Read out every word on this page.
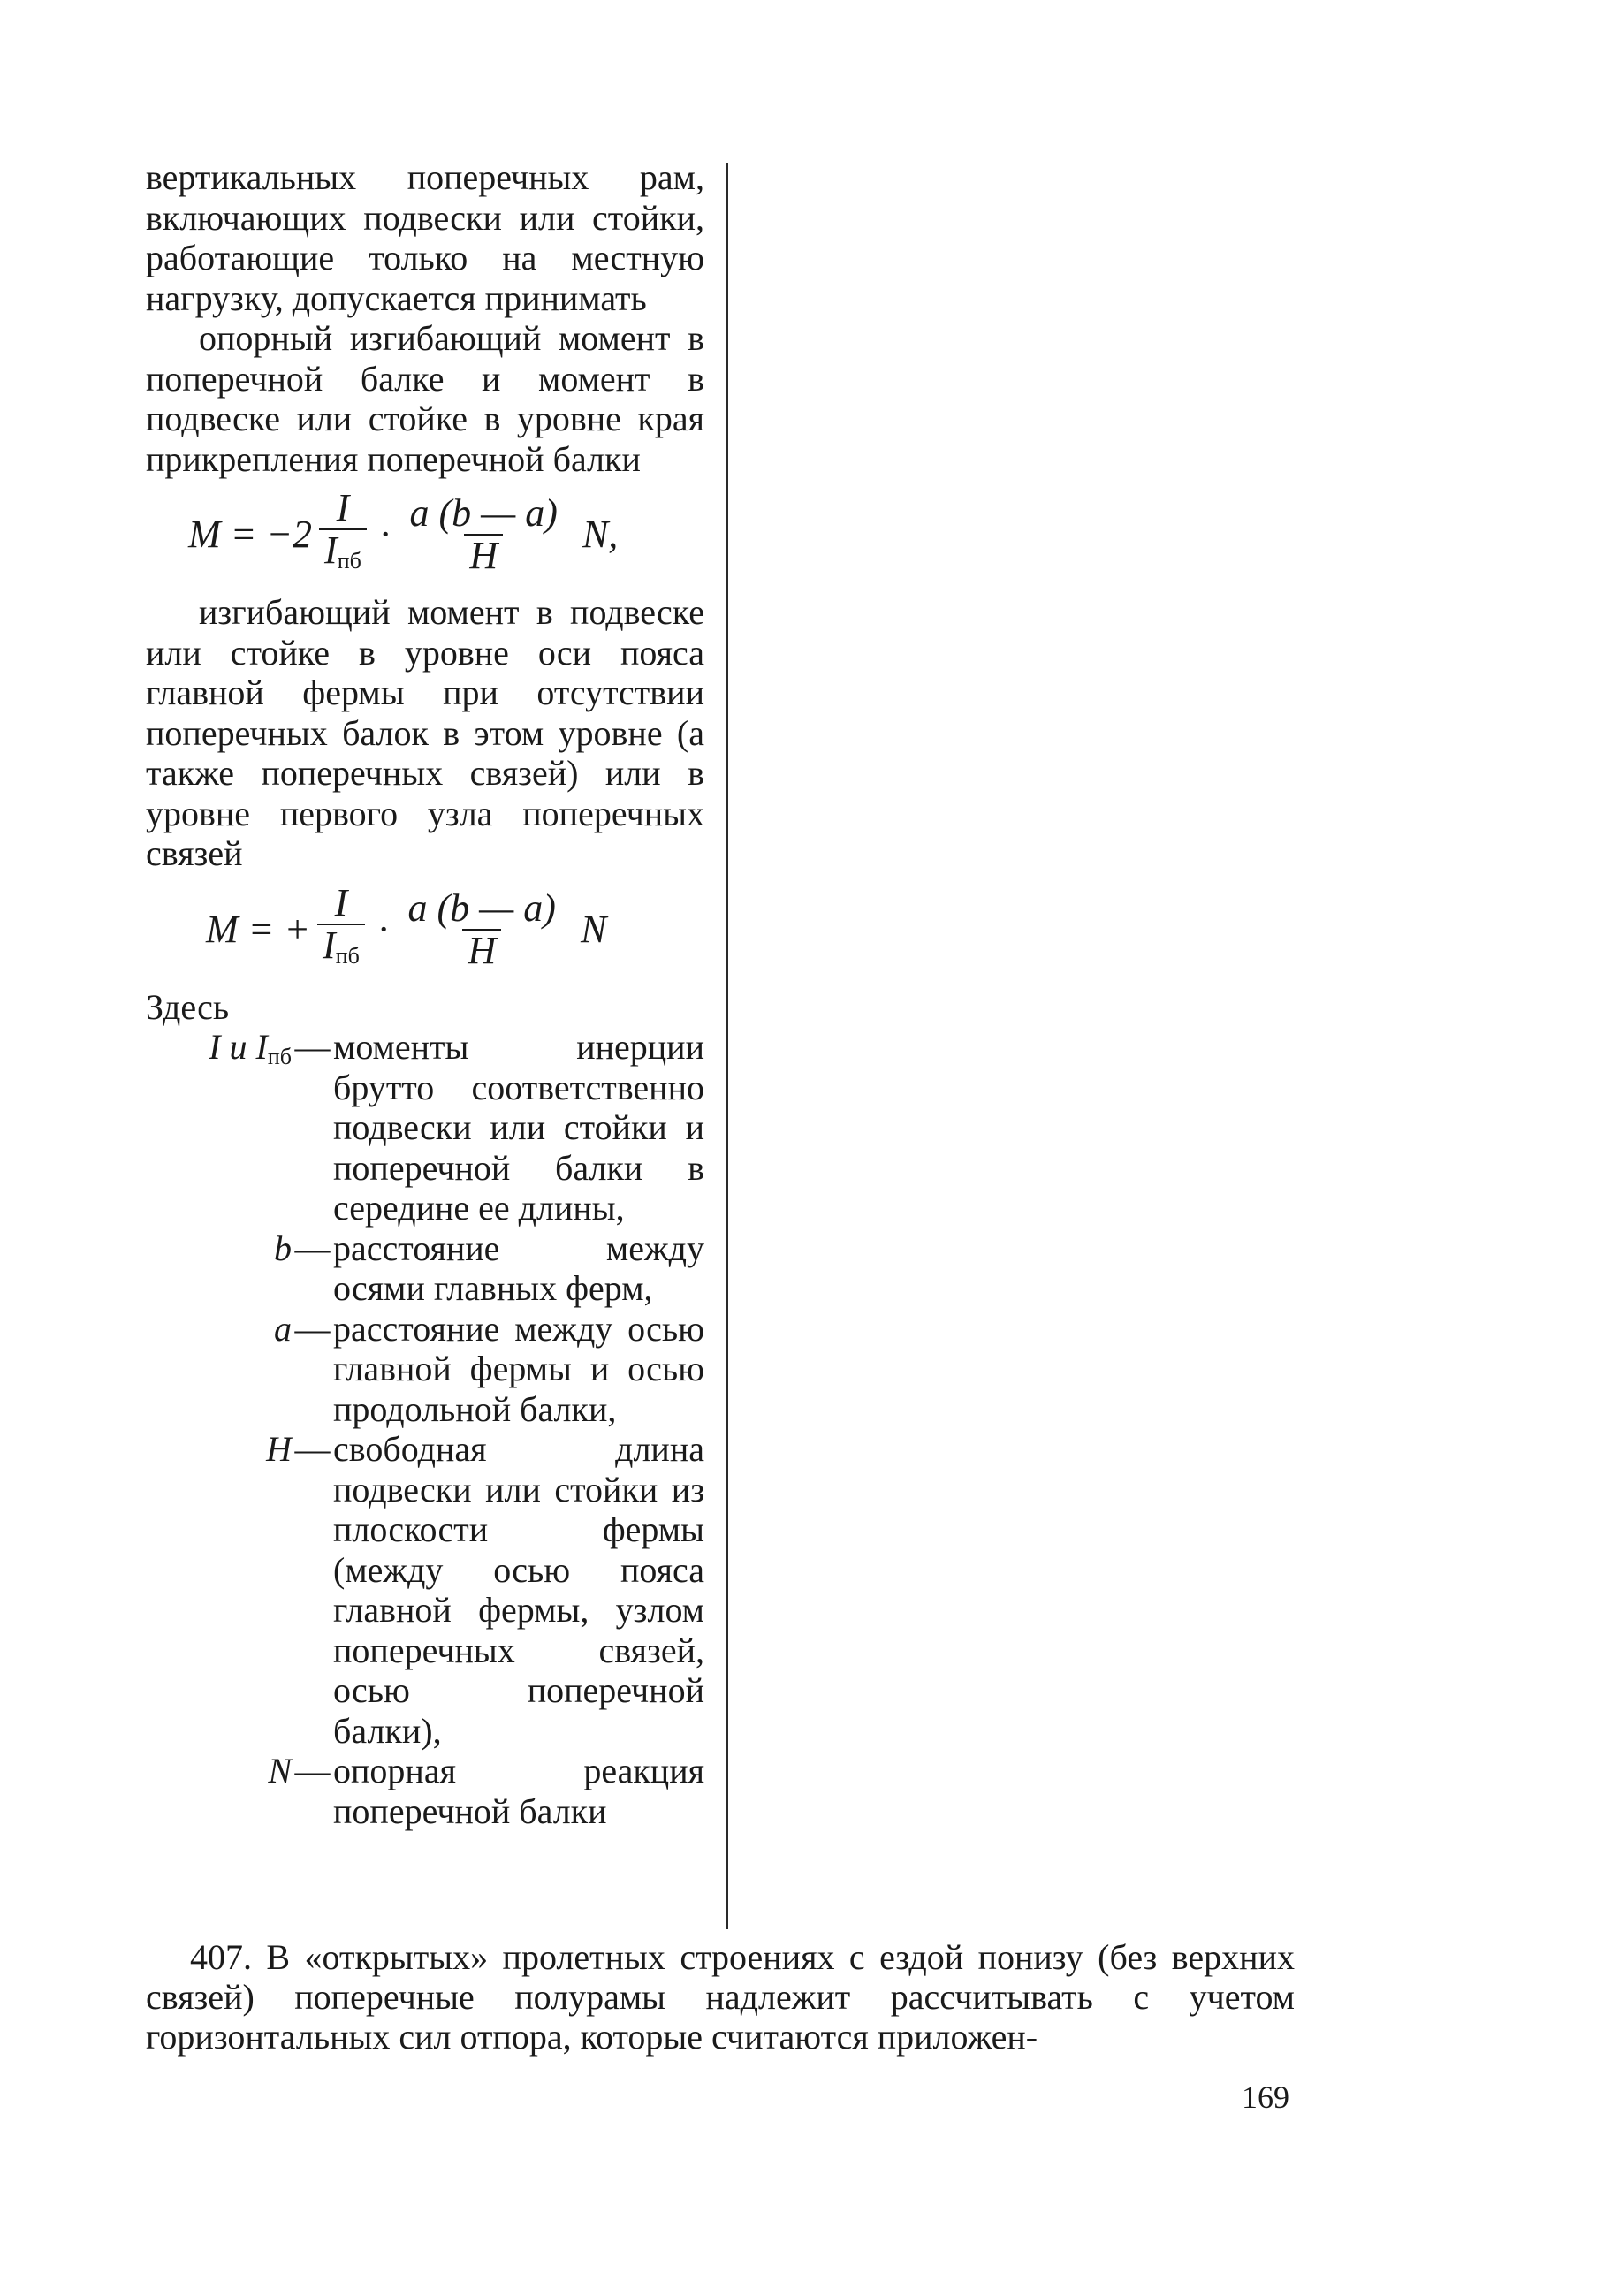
вертикальных поперечных рам, включающих подвески или стойки, работающие только на местную нагрузку, допускается принимать

опорный изгибающий момент в поперечной балке и момент в подвеске или стойке в уровне края прикрепления поперечной балки

$M = -2 \frac{I}{I_{пб}} \cdot \frac{a (b — a)}{H} N$,

изгибающий момент в подвеске или стойке в уровне оси пояса главной фермы при отсутствии поперечных балок в этом уровне (а также поперечных связей) или в уровне первого узла поперечных связей

M = + $\frac{I}{I_{пб}} \cdot \frac{a (b — a)}{H}$ N
Здесь
I и $I_{пб}$ — моменты инерции брутто соответственно подвески или стойки и поперечной балки в середине ее длины,
b — расстояние между осями главных ферм,
a — расстояние между осью главной фермы и осью продольной балки,
H — свободная длина подвески или стойки из плоскости фермы (между осью пояса главной фермы, узлом поперечных связей, осью поперечной балки),
N — опорная реакция поперечной балки

407. В «открытых» пролетных строениях с ездой понизу (без верхних связей) поперечные полурамы надлежит рассчитывать с учетом горизонтальных сил отпора, которые считаются приложен-

169
